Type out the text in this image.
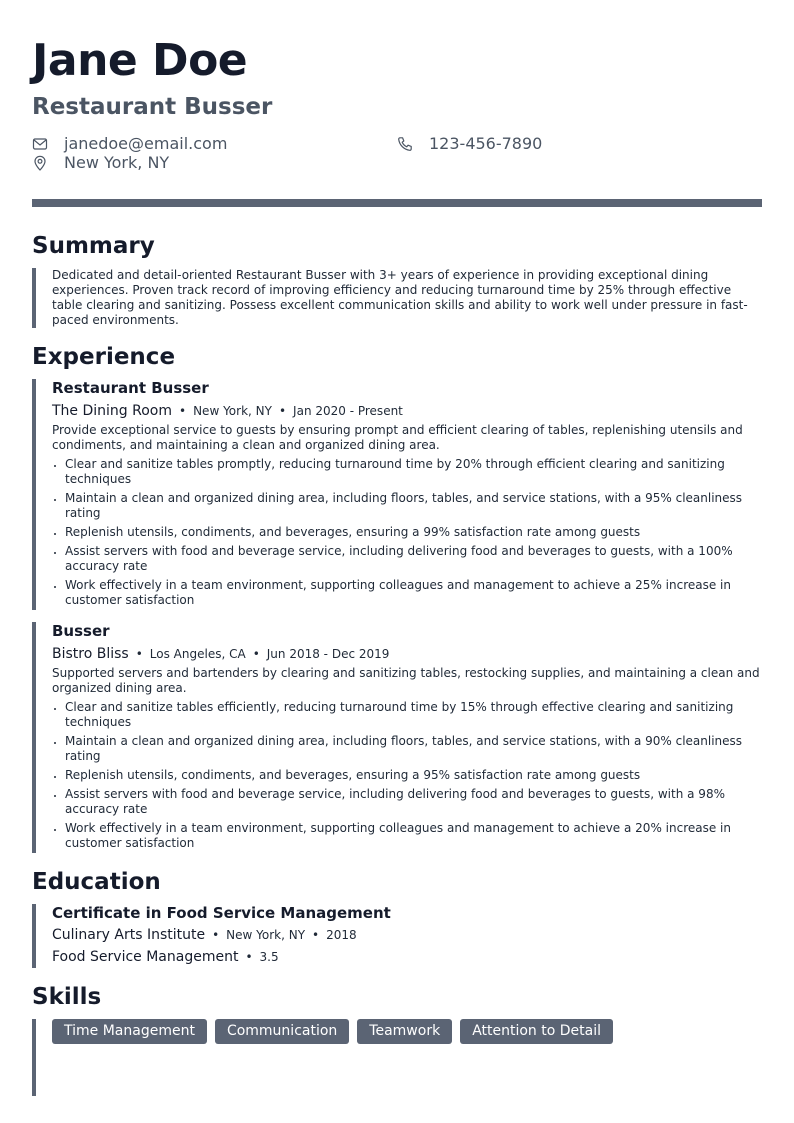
Jane Doe
Restaurant Busser
janedoe@email.com	123-456-7890
New York, NY
Summary
Dedicated and detail-oriented Restaurant Busser with 3+ years of experience in providing exceptional dining experiences. Proven track record of improving efficiency and reducing turnaround time by 25% through effective table clearing and sanitizing. Possess excellent communication skills and ability to work well under pressure in fast-paced environments.
Experience
Restaurant Busser
The Dining Room • New York, NY • Jan 2020 - Present
Provide exceptional service to guests by ensuring prompt and efficient clearing of tables, replenishing utensils and condiments, and maintaining a clean and organized dining area.
• Clear and sanitize tables promptly, reducing turnaround time by 20% through efficient clearing and sanitizing techniques
• Maintain a clean and organized dining area, including floors, tables, and service stations, with a 95% cleanliness rating
• Replenish utensils, condiments, and beverages, ensuring a 99% satisfaction rate among guests
• Assist servers with food and beverage service, including delivering food and beverages to guests, with a 100% accuracy rate
• Work effectively in a team environment, supporting colleagues and management to achieve a 25% increase in customer satisfaction
Busser
Bistro Bliss • Los Angeles, CA • Jun 2018 - Dec 2019
Supported servers and bartenders by clearing and sanitizing tables, restocking supplies, and maintaining a clean and organized dining area.
• Clear and sanitize tables efficiently, reducing turnaround time by 15% through effective clearing and sanitizing techniques
• Maintain a clean and organized dining area, including floors, tables, and service stations, with a 90% cleanliness rating
• Replenish utensils, condiments, and beverages, ensuring a 95% satisfaction rate among guests
• Assist servers with food and beverage service, including delivering food and beverages to guests, with a 98% accuracy rate
• Work effectively in a team environment, supporting colleagues and management to achieve a 20% increase in customer satisfaction
Education
Certificate in Food Service Management
Culinary Arts Institute • New York, NY • 2018
Food Service Management • 3.5
Skills
Time Management	Communication	Teamwork	Attention to Detail
